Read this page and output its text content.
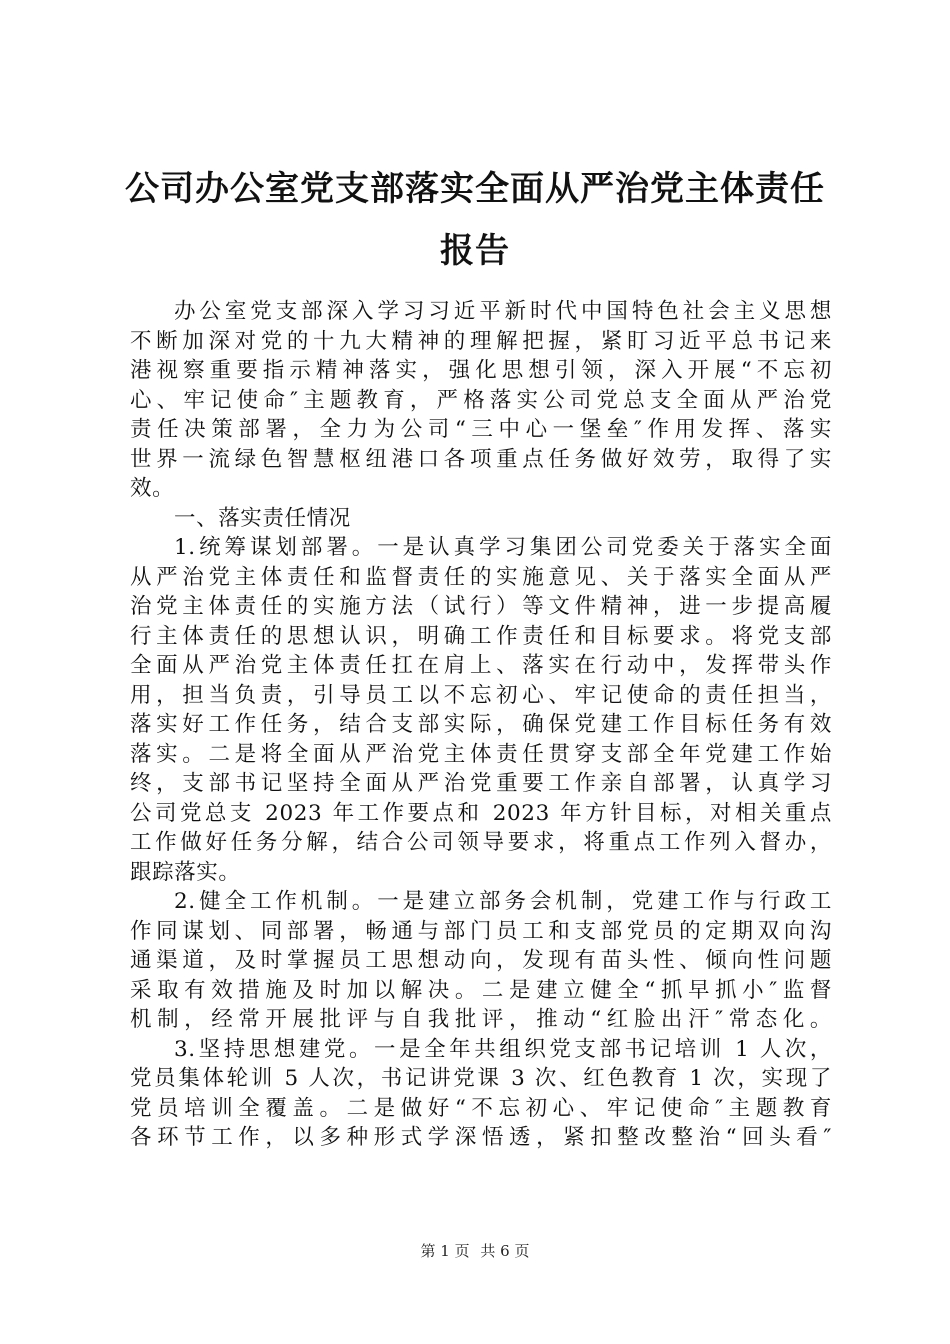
公司办公室党支部落实全面从严治党主体责任
报告
办公室党支部深入学习习近平新时代中国特色社会主义思想
不断加深对党的十九大精神的理解把握，紧盯习近平总书记来
港视察重要指示精神落实，强化思想引领，深入开展“不忘初
心、牢记使命″主题教育，严格落实公司党总支全面从严治党
责任决策部署，全力为公司“三中心一堡垒″作用发挥、落实
世界一流绿色智慧枢纽港口各项重点任务做好效劳，取得了实
效。
一、落实责任情况
1.统筹谋划部署。一是认真学习集团公司党委关于落实全面
从严治党主体责任和监督责任的实施意见、关于落实全面从严
治党主体责任的实施方法（试行）等文件精神，进一步提高履
行主体责任的思想认识，明确工作责任和目标要求。将党支部
全面从严治党主体责任扛在肩上、落实在行动中，发挥带头作
用，担当负责，引导员工以不忘初心、牢记使命的责任担当，
落实好工作任务，结合支部实际，确保党建工作目标任务有效
落实。二是将全面从严治党主体责任贯穿支部全年党建工作始
终，支部书记坚持全面从严治党重要工作亲自部署，认真学习
公司党总支 2023 年工作要点和 2023 年方针目标，对相关重点
工作做好任务分解，结合公司领导要求，将重点工作列入督办，
跟踪落实。
2.健全工作机制。一是建立部务会机制，党建工作与行政工
作同谋划、同部署，畅通与部门员工和支部党员的定期双向沟
通渠道，及时掌握员工思想动向，发现有苗头性、倾向性问题
采取有效措施及时加以解决。二是建立健全“抓早抓小″监督
机制，经常开展批评与自我批评，推动“红脸出汗″常态化。
3.坚持思想建党。一是全年共组织党支部书记培训 1 人次，
党员集体轮训 5 人次，书记讲党课 3 次、红色教育 1 次，实现了
党员培训全覆盖。二是做好“不忘初心、牢记使命″主题教育
各环节工作，以多种形式学深悟透，紧扣整改整治“回头看″
第 1 页 共 6 页
